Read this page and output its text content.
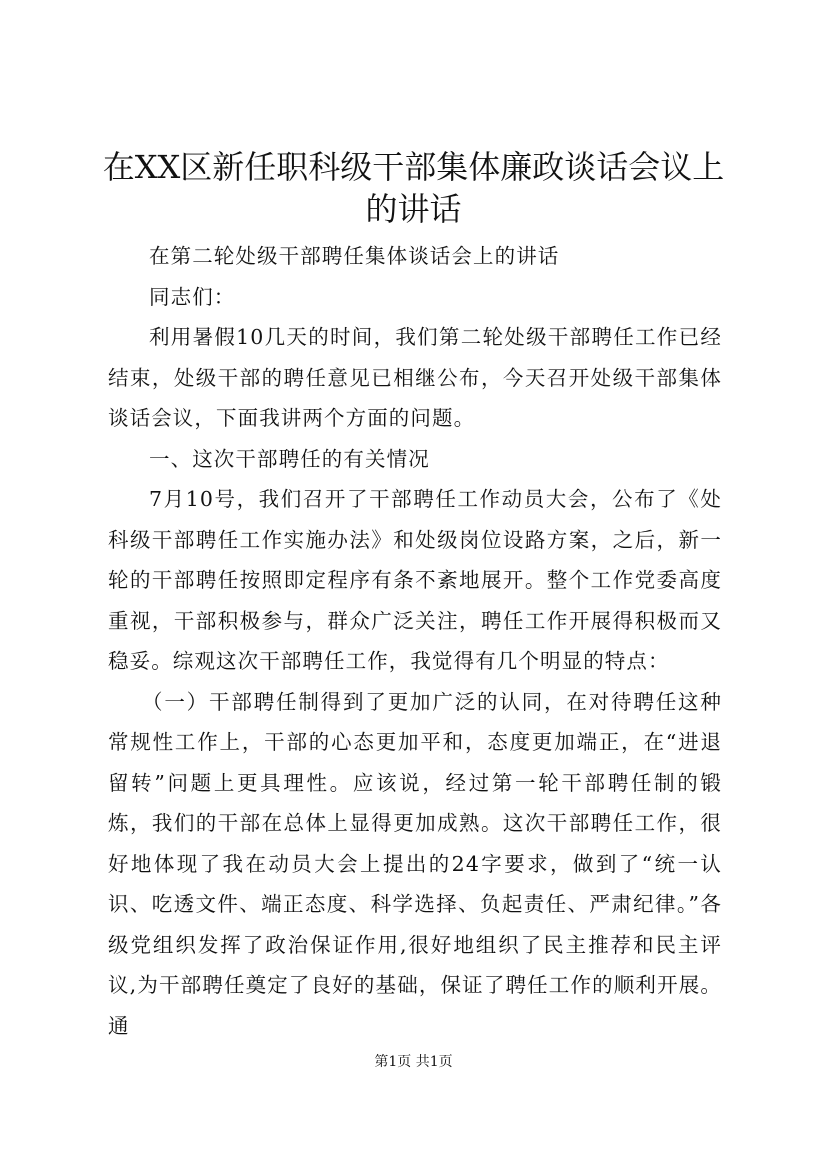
在XX区新任职科级干部集体廉政谈话会议上的讲话

在第二轮处级干部聘任集体谈话会上的讲话

同志们：

利用暑假10几天的时间，我们第二轮处级干部聘任工作已经结束，处级干部的聘任意见已相继公布，今天召开处级干部集体谈话会议，下面我讲两个方面的问题。

一、这次干部聘任的有关情况

7月10号，我们召开了干部聘任工作动员大会，公布了《处科级干部聘任工作实施办法》和处级岗位设路方案，之后，新一轮的干部聘任按照即定程序有条不紊地展开。整个工作党委高度重视，干部积极参与，群众广泛关注，聘任工作开展得积极而又稳妥。综观这次干部聘任工作，我觉得有几个明显的特点：

（一）干部聘任制得到了更加广泛的认同，在对待聘任这种常规性工作上，干部的心态更加平和，态度更加端正，在“进退留转”问题上更具理性。应该说，经过第一轮干部聘任制的锻炼，我们的干部在总体上显得更加成熟。这次干部聘任工作，很好地体现了我在动员大会上提出的24字要求，做到了“统一认识、吃透文件、端正态度、科学选择、负起责任、严肃纪律。”各级党组织发挥了政治保证作用,很好地组织了民主推荐和民主评议,为干部聘任奠定了良好的基础，保证了聘任工作的顺利开展。通

第1页 共1页
